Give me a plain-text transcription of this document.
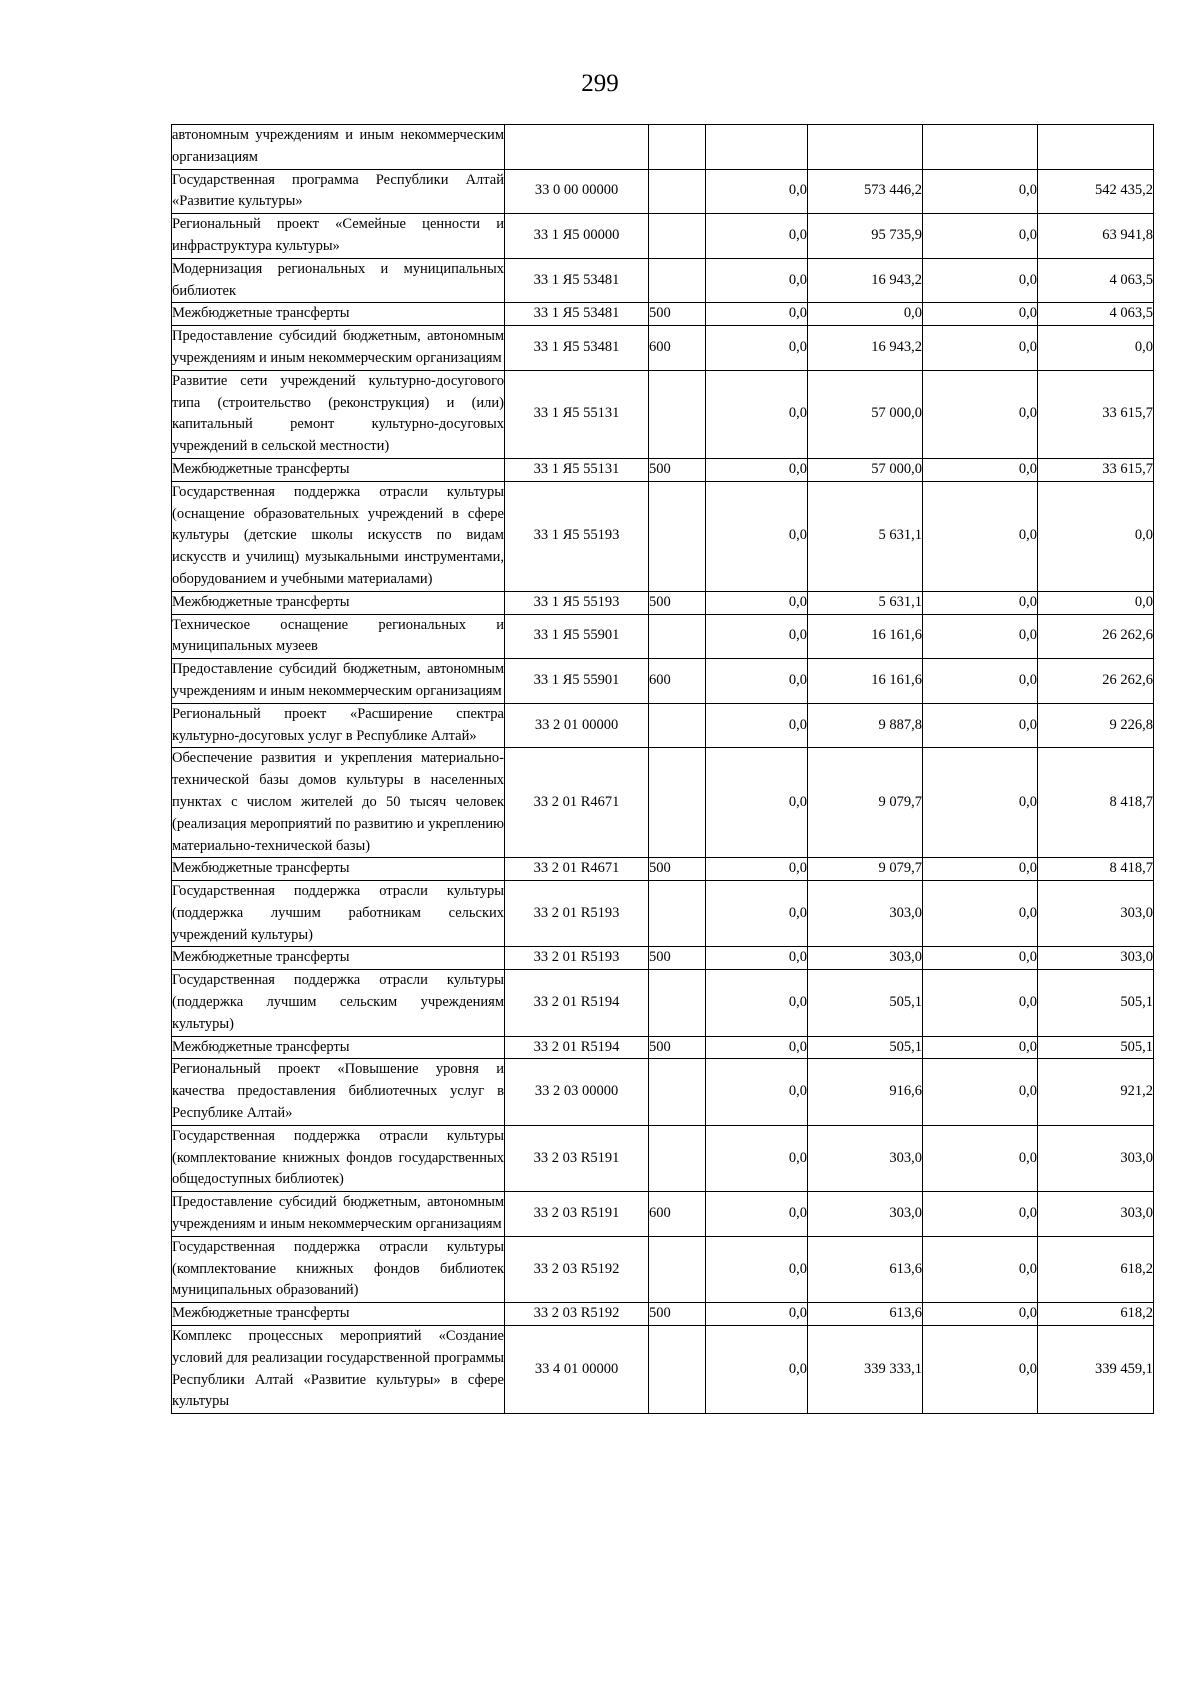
299
автономным учреждениям и иным некоммерческим организациям						
Государственная программа Республики Алтай «Развитие культуры»	33 0 00 00000		0,0	573 446,2	0,0	542 435,2
Региональный проект «Семейные ценности и инфраструктура культуры»	33 1 Я5 00000		0,0	95 735,9	0,0	63 941,8
Модернизация региональных и муниципальных библиотек	33 1 Я5 53481		0,0	16 943,2	0,0	4 063,5
Межбюджетные трансферты	33 1 Я5 53481	500	0,0	0,0	0,0	4 063,5
Предоставление субсидий бюджетным, автономным учреждениям и иным некоммерческим организациям	33 1 Я5 53481	600	0,0	16 943,2	0,0	0,0
Развитие сети учреждений культурно-досугового типа (строительство (реконструкция) и (или) капитальный ремонт культурно-досуговых учреждений в сельской местности)	33 1 Я5 55131		0,0	57 000,0	0,0	33 615,7
Межбюджетные трансферты	33 1 Я5 55131	500	0,0	57 000,0	0,0	33 615,7
Государственная поддержка отрасли культуры (оснащение образовательных учреждений в сфере культуры (детские школы искусств по видам искусств и училищ) музыкальными инструментами, оборудованием и учебными материалами)	33 1 Я5 55193		0,0	5 631,1	0,0	0,0
Межбюджетные трансферты	33 1 Я5 55193	500	0,0	5 631,1	0,0	0,0
Техническое оснащение региональных и муниципальных музеев	33 1 Я5 55901		0,0	16 161,6	0,0	26 262,6
Предоставление субсидий бюджетным, автономным учреждениям и иным некоммерческим организациям	33 1 Я5 55901	600	0,0	16 161,6	0,0	26 262,6
Региональный проект «Расширение спектра культурно-досуговых услуг в Республике Алтай»	33 2 01 00000		0,0	9 887,8	0,0	9 226,8
Обеспечение развития и укрепления материально-технической базы домов культуры в населенных пунктах с числом жителей до 50 тысяч человек (реализация мероприятий по развитию и укреплению материально-технической базы)	33 2 01 R4671		0,0	9 079,7	0,0	8 418,7
Межбюджетные трансферты	33 2 01 R4671	500	0,0	9 079,7	0,0	8 418,7
Государственная поддержка отрасли культуры (поддержка лучшим работникам сельских учреждений культуры)	33 2 01 R5193		0,0	303,0	0,0	303,0
Межбюджетные трансферты	33 2 01 R5193	500	0,0	303,0	0,0	303,0
Государственная поддержка отрасли культуры (поддержка лучшим сельским учреждениям культуры)	33 2 01 R5194		0,0	505,1	0,0	505,1
Межбюджетные трансферты	33 2 01 R5194	500	0,0	505,1	0,0	505,1
Региональный проект «Повышение уровня и качества предоставления библиотечных услуг в Республике Алтай»	33 2 03 00000		0,0	916,6	0,0	921,2
Государственная поддержка отрасли культуры (комплектование книжных фондов государственных общедоступных библиотек)	33 2 03 R5191		0,0	303,0	0,0	303,0
Предоставление субсидий бюджетным, автономным учреждениям и иным некоммерческим организациям	33 2 03 R5191	600	0,0	303,0	0,0	303,0
Государственная поддержка отрасли культуры (комплектование книжных фондов библиотек муниципальных образований)	33 2 03 R5192		0,0	613,6	0,0	618,2
Межбюджетные трансферты	33 2 03 R5192	500	0,0	613,6	0,0	618,2
Комплекс процессных мероприятий «Создание условий для реализации государственной программы Республики Алтай «Развитие культуры» в сфере культуры	33 4 01 00000		0,0	339 333,1	0,0	339 459,1
